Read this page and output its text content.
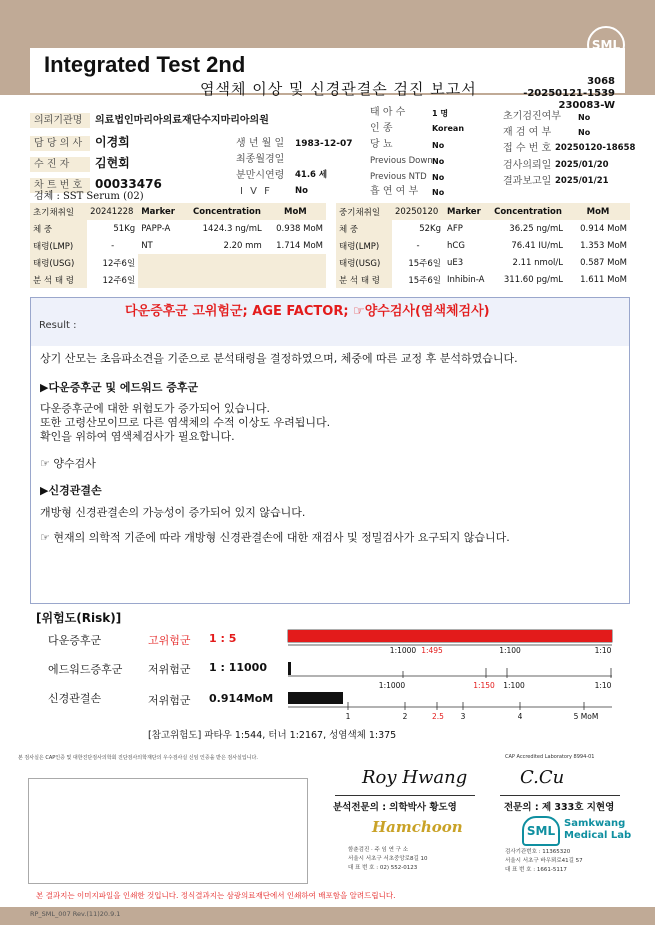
SML
Integrated Test 2nd
염색체 이상 및 신경관결손 검진 보고서	3068 -20250121-1539
230083-W
의뢰기관명	의료법인마리아의료재단수지마리아의원
담 당 의 사	이경희
수 진 자	김현회
차 트 번 호	00033476
검체 : SST Serum (02)
생 년 월 일 1983-12-07
최종월경일
분만시연령 41.6 세
I V F	No
태 아 수	1 명
인 종	Korean
당 뇨	No
Previous Down No
Previous NTD No
흡 연 여 부 No
초기검진여부 No
재 검 여 부	No
접 수 번 호 20250120-18658
검사의뢰일 2025/01/20
결과보고일 2025/01/21
초기채취일	20241228	Marker	Concentration	MoM
체 중	51Kg	PAPP-A	1424.3 ng/mL	0.938 MoM
태령(LMP)	-	NT	2.20 mm	1.714 MoM
태령(USG)	12주6일			
분 석 태 령	12주6일			
중기채취일	20250120	Marker	Concentration	MoM
체 중	52Kg	AFP	36.25 ng/mL	0.914 MoM
태령(LMP)	-	hCG	76.41 IU/mL	1.353 MoM
태령(USG)	15주6일	uE3	2.11 nmol/L	0.587 MoM
분 석 태 령	15주6일	Inhibin-A	311.60 pg/mL	1.611 MoM
Result :
다운증후군 고위험군; AGE FACTOR; ☞양수검사(염색체검사)
상기 산모는 초음파소견을 기준으로 분석태령을 결정하였으며, 체중에 따른 교정 후 분석하였습니다.
▶다운증후군 및 에드워드 증후군
다운증후군에 대한 위험도가 증가되어 있습니다.
또한 고령산모이므로 다른 염색체의 수적 이상도 우려됩니다.
확인을 위하여 염색체검사가 필요합니다.
☞ 양수검사
▶신경관결손
개방형 신경관결손의 가능성이 증가되어 있지 않습니다.
☞ 현재의 의학적 기준에 따라 개방형 신경관결손에 대한 재검사 및 정밀검사가 요구되지 않습니다.
[위험도(Risk)]
다운증후군	고위험군 1 : 5
에드워드증후군 저위험군 1 : 11000
신경관결손	저위험군 0.914MoM
1:1000 1:495	1:100	1:10
1:1000	1:150 1:100	1:10
1	2	2.5 3	4	5 MoM
[참고위험도] 파타우 1:544, 터너 1:2167, 성염색체 1:375
본 검사실은 CAP인증 및 대한진단검사의학회 진단검사의학재단의 우수검사실 신임 인증을 받은 검사실입니다.	CAP Accredited Laboratory 8994-01
Roy Hwang
분석전문의 : 의학박사 황도영
C.Cu
전문의 : 제 333호 지현영
Hamchoon
함춘검진 · 주 임 연 구 소
서울시 서초구 서초중앙로8길 10
대 표 번 호 : 02) 552-0123
SML
Samkwang
Medical Lab
검사기관번호 : 11365320
서울시 서초구 바우뫼로41길 57
대 표 번 호 : 1661-5117
본 결과지는 이미지파일을 인쇄한 것입니다. 정식결과지는 삼광의료재단에서 인쇄하여 배포함을 알려드립니다.
RP_SML_007 Rev.(11)20.9.1
